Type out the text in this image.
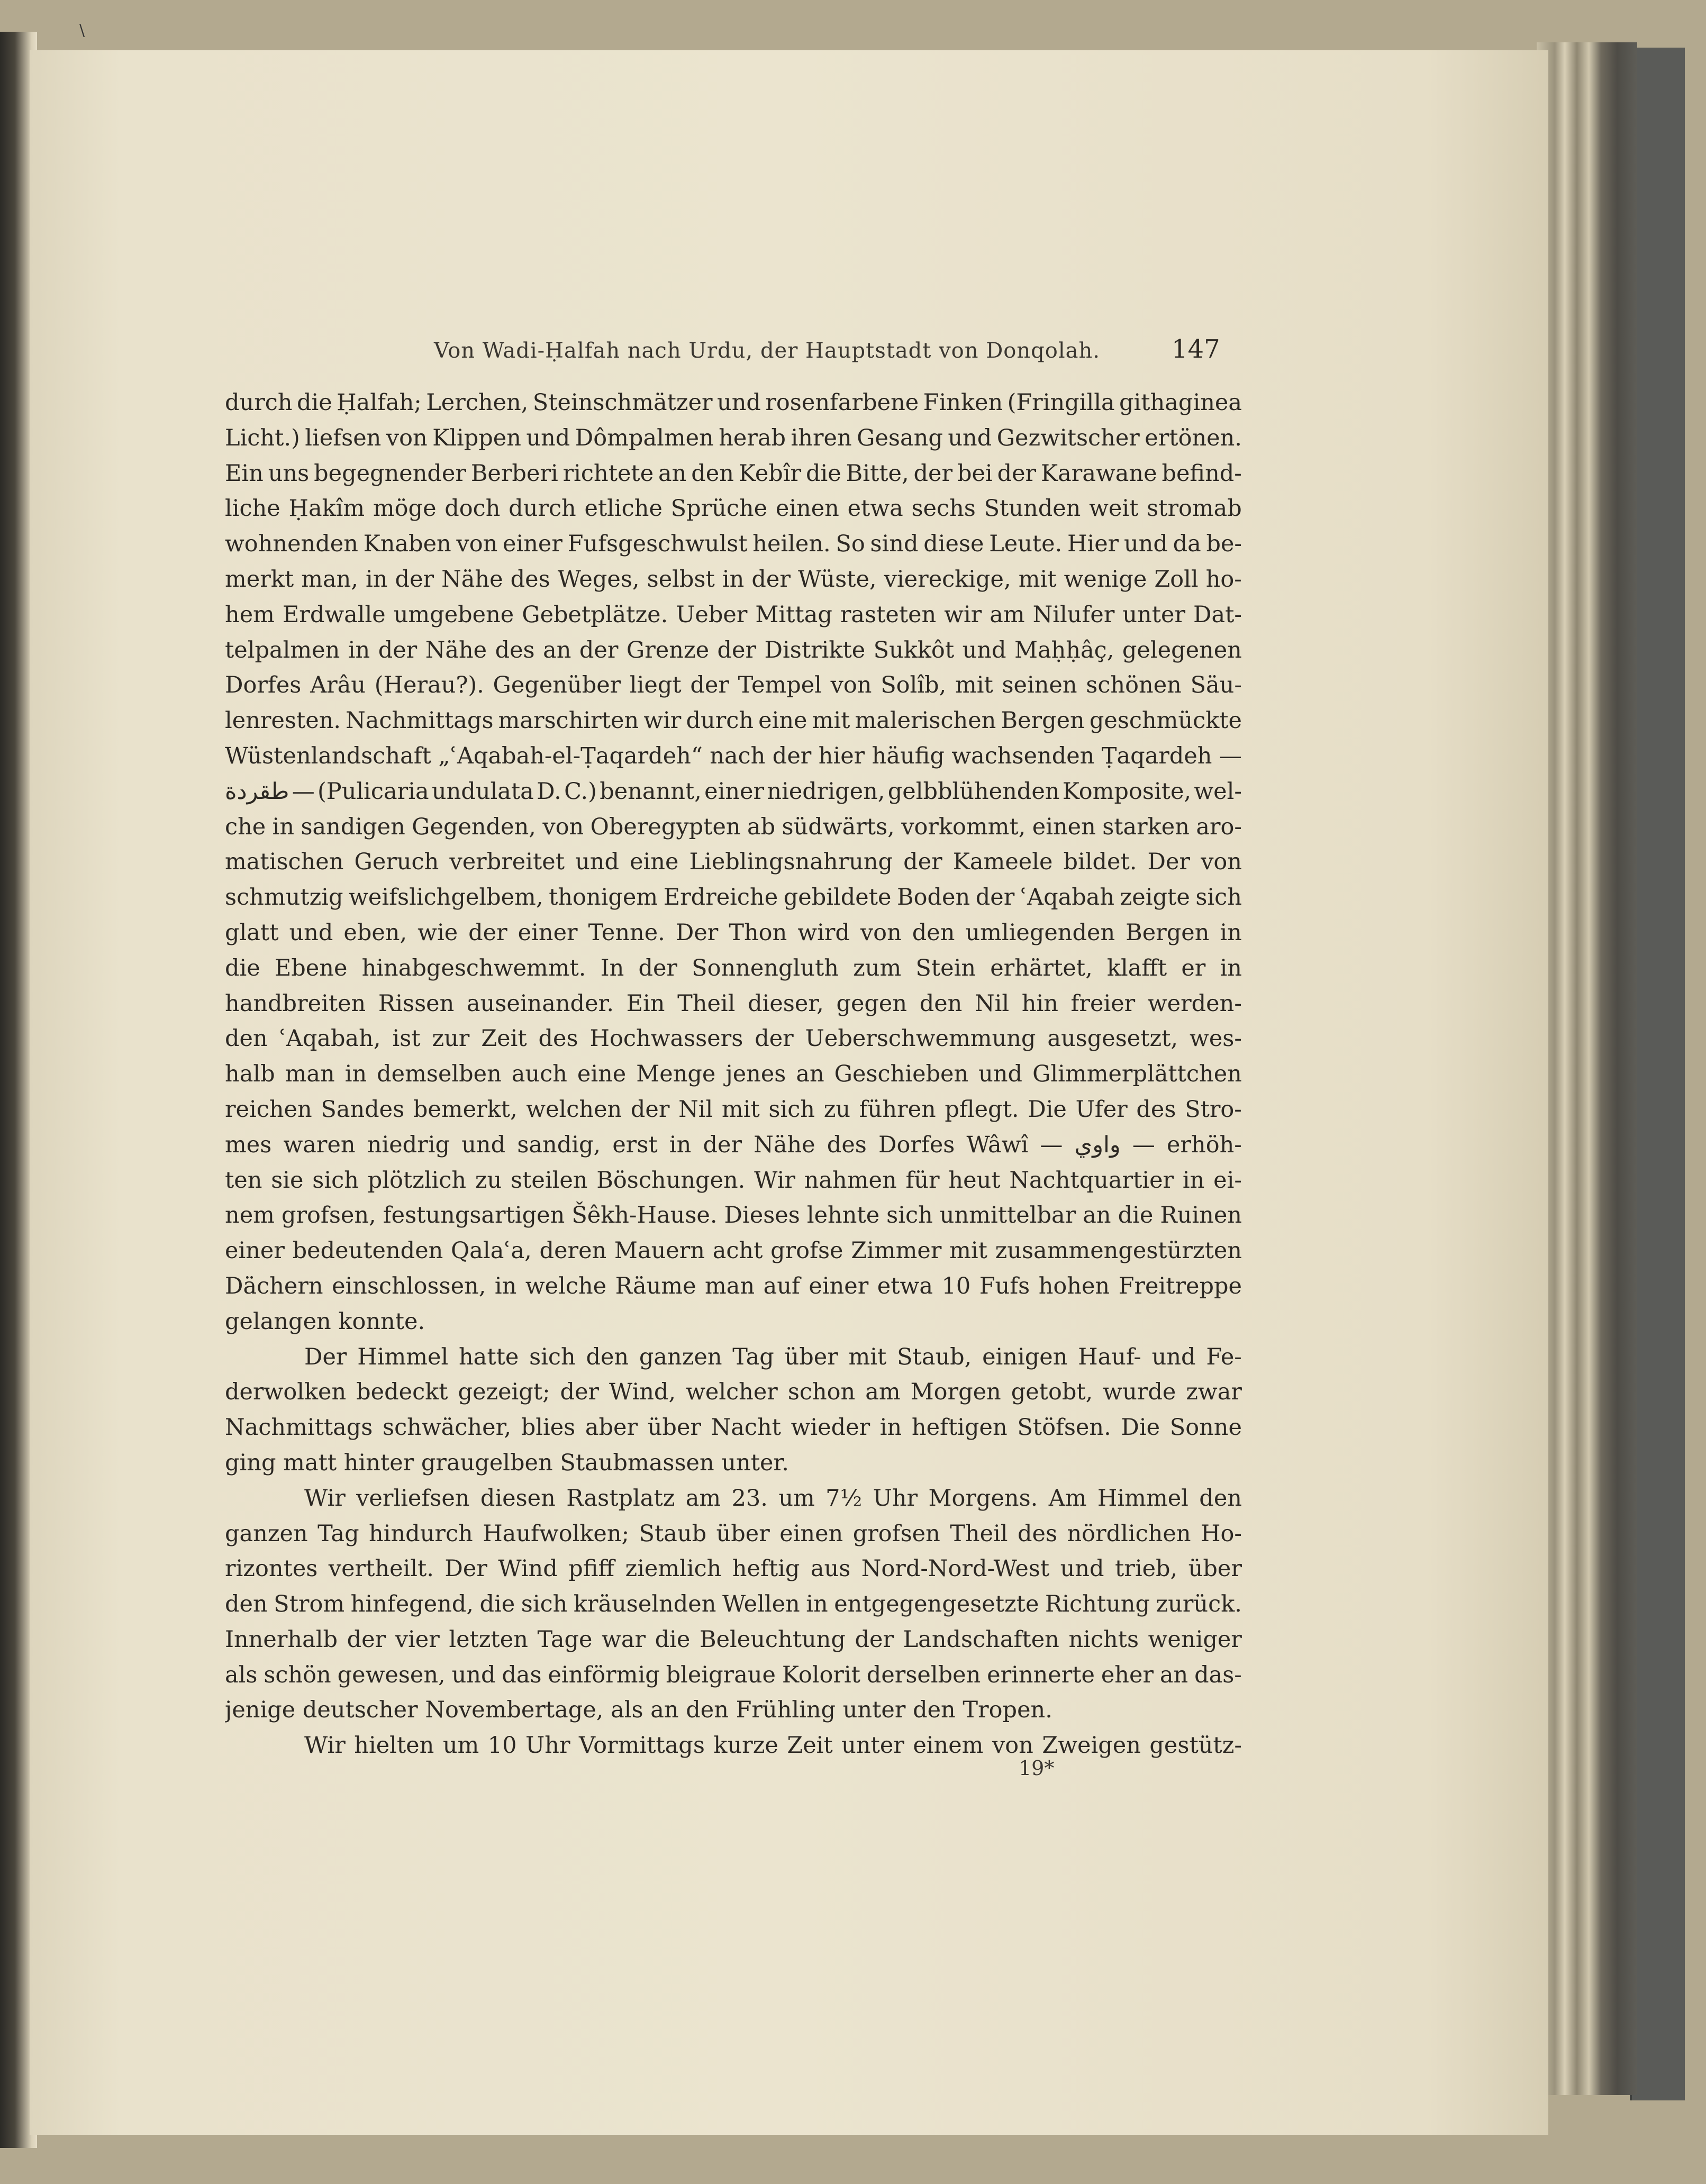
\
Von Wadi-Ḥalfah nach Urdu, der Hauptstadt von Donqolah.	147
durch die Ḥalfah; Lerchen, Steinschmätzer und rosenfarbene Finken (Fringilla githaginea
Licht.) liefsen von Klippen und Dômpalmen herab ihren Gesang und Gezwitscher ertönen.
Ein uns begegnender Berberi richtete an den Kebîr die Bitte, der bei der Karawane befind-
liche Ḥakîm möge doch durch etliche Sprüche einen etwa sechs Stunden weit stromab
wohnenden Knaben von einer Fufsgeschwulst heilen. So sind diese Leute. Hier und da be-
merkt man, in der Nähe des Weges, selbst in der Wüste, viereckige, mit wenige Zoll ho-
hem Erdwalle umgebene Gebetplätze. Ueber Mittag rasteten wir am Nilufer unter Dat-
telpalmen in der Nähe des an der Grenze der Distrikte Sukkôt und Maḥḥâç, gelegenen
Dorfes Arâu (Herau?). Gegenüber liegt der Tempel von Solîb, mit seinen schönen Säu-
lenresten. Nachmittags marschirten wir durch eine mit malerischen Bergen geschmückte
Wüstenlandschaft „ʿAqabah-el-Ṭaqardeh“ nach der hier häufig wachsenden Ṭaqardeh —
طقردة — (Pulicaria undulata D. C.) benannt, einer niedrigen, gelbblühenden Komposite, wel-
che in sandigen Gegenden, von Oberegypten ab südwärts, vorkommt, einen starken aro-
matischen Geruch verbreitet und eine Lieblingsnahrung der Kameele bildet. Der von
schmutzig weifslichgelbem, thonigem Erdreiche gebildete Boden der ʿAqabah zeigte sich
glatt und eben, wie der einer Tenne. Der Thon wird von den umliegenden Bergen in
die Ebene hinabgeschwemmt. In der Sonnengluth zum Stein erhärtet, klafft er in
handbreiten Rissen auseinander. Ein Theil dieser, gegen den Nil hin freier werden-
den ʿAqabah, ist zur Zeit des Hochwassers der Ueberschwemmung ausgesetzt, wes-
halb man in demselben auch eine Menge jenes an Geschieben und Glimmerplättchen
reichen Sandes bemerkt, welchen der Nil mit sich zu führen pflegt. Die Ufer des Stro-
mes waren niedrig und sandig, erst in der Nähe des Dorfes Wâwî — واوي — erhöh-
ten sie sich plötzlich zu steilen Böschungen. Wir nahmen für heut Nachtquartier in ei-
nem grofsen, festungsartigen Šêkh-Hause. Dieses lehnte sich unmittelbar an die Ruinen
einer bedeutenden Qalaʿa, deren Mauern acht grofse Zimmer mit zusammengestürzten
Dächern einschlossen, in welche Räume man auf einer etwa 10 Fufs hohen Freitreppe
gelangen konnte.
Der Himmel hatte sich den ganzen Tag über mit Staub, einigen Hauf- und Fe-
derwolken bedeckt gezeigt; der Wind, welcher schon am Morgen getobt, wurde zwar
Nachmittags schwächer, blies aber über Nacht wieder in heftigen Stöfsen. Die Sonne
ging matt hinter graugelben Staubmassen unter.
Wir verliefsen diesen Rastplatz am 23. um 7½ Uhr Morgens. Am Himmel den
ganzen Tag hindurch Haufwolken; Staub über einen grofsen Theil des nördlichen Ho-
rizontes vertheilt. Der Wind pfiff ziemlich heftig aus Nord-Nord-West und trieb, über
den Strom hinfegend, die sich kräuselnden Wellen in entgegengesetzte Richtung zurück.
Innerhalb der vier letzten Tage war die Beleuchtung der Landschaften nichts weniger
als schön gewesen, und das einförmig bleigraue Kolorit derselben erinnerte eher an das-
jenige deutscher Novembertage, als an den Frühling unter den Tropen.
Wir hielten um 10 Uhr Vormittags kurze Zeit unter einem von Zweigen gestütz-
19*
